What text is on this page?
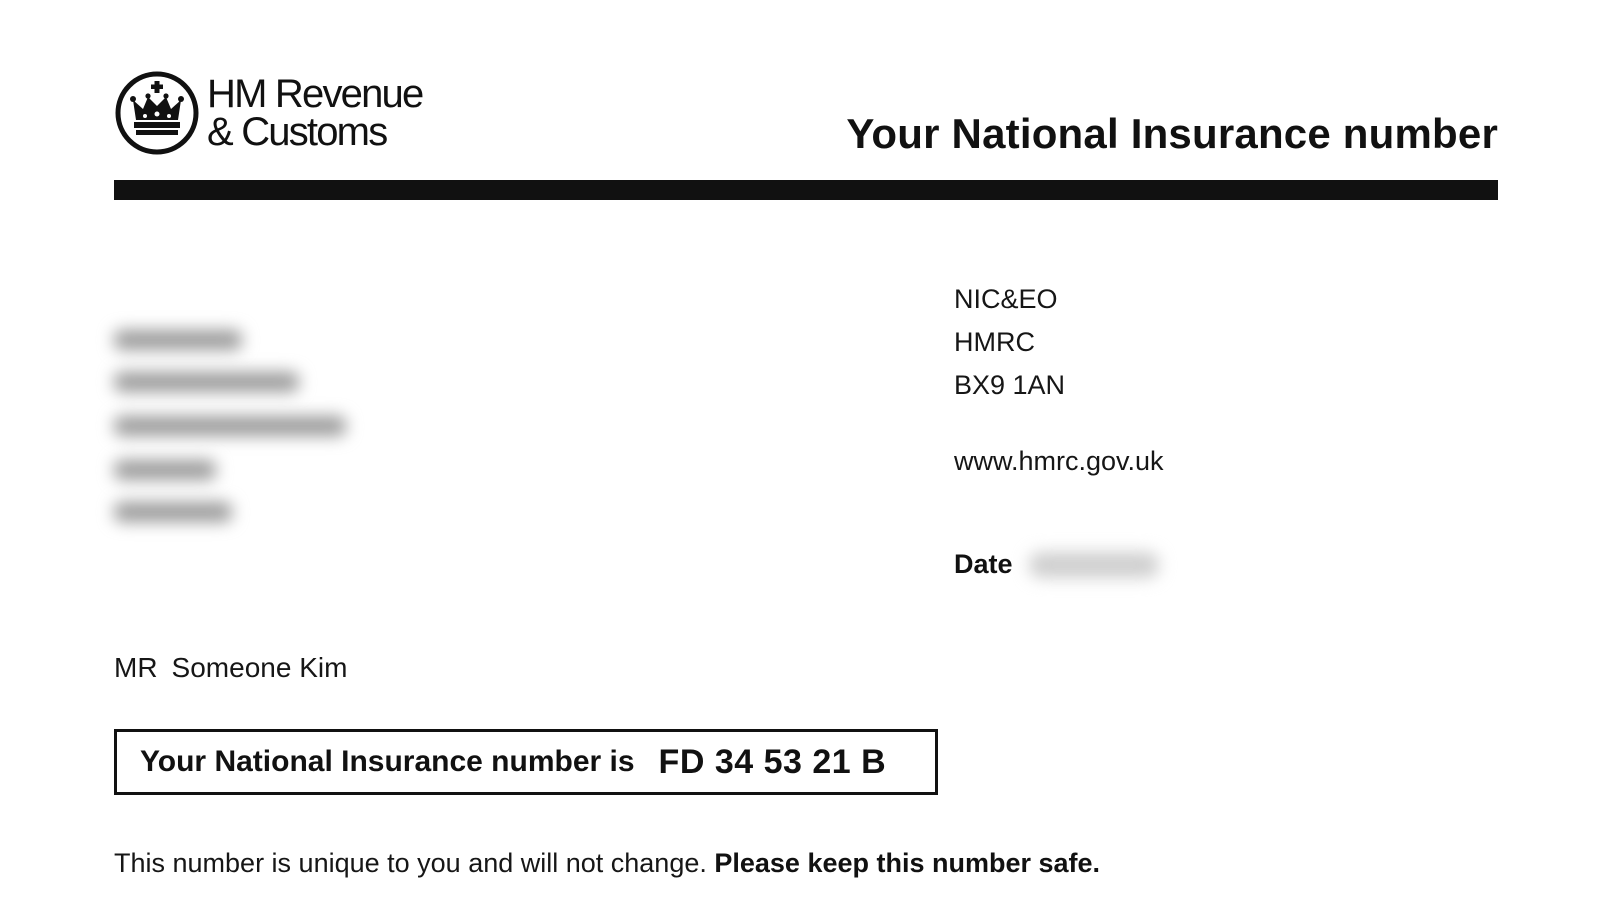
HM Revenue
& Customs	Your National Insurance number
NIC&EO
HMRC
BX9 1AN
www.hmrc.gov.uk
Date
MR Someone Kim
Your National Insurance number is FD 34 53 21 B
This number is unique to you and will not change. Please keep this number safe.
